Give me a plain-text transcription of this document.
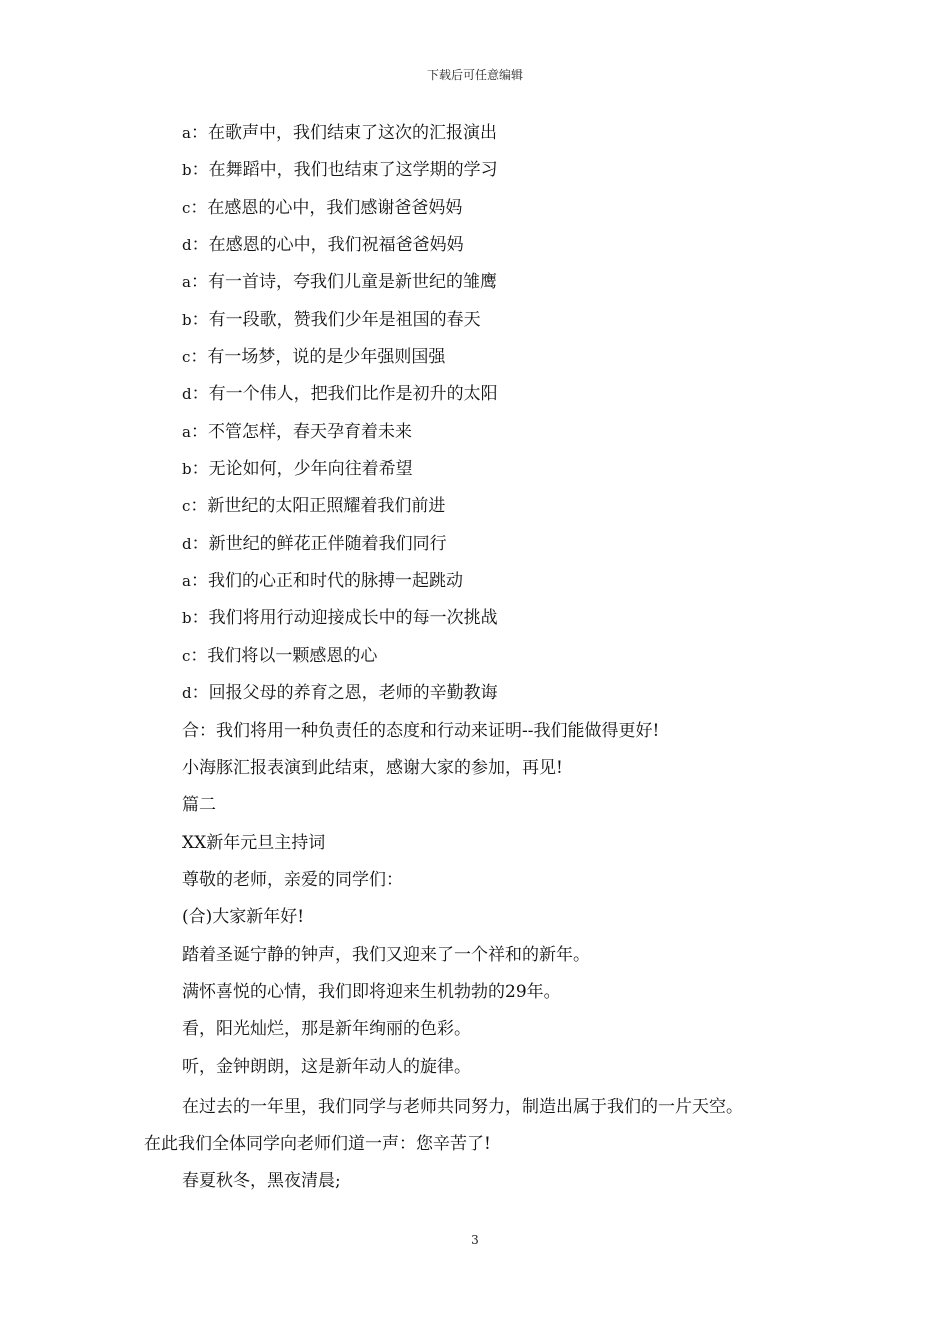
下载后可任意编辑
a：在歌声中，我们结束了这次的汇报演出
b：在舞蹈中，我们也结束了这学期的学习
c：在感恩的心中，我们感谢爸爸妈妈
d：在感恩的心中，我们祝福爸爸妈妈
a：有一首诗，夸我们儿童是新世纪的雏鹰
b：有一段歌，赞我们少年是祖国的春天
c：有一场梦，说的是少年强则国强
d：有一个伟人，把我们比作是初升的太阳
a：不管怎样，春天孕育着未来
b：无论如何，少年向往着希望
c：新世纪的太阳正照耀着我们前进
d：新世纪的鲜花正伴随着我们同行
a：我们的心正和时代的脉搏一起跳动
b：我们将用行动迎接成长中的每一次挑战
c：我们将以一颗感恩的心
d：回报父母的养育之恩，老师的辛勤教诲
合：我们将用一种负责任的态度和行动来证明--我们能做得更好!
小海豚汇报表演到此结束，感谢大家的参加，再见!
篇二
XX新年元旦主持词
尊敬的老师，亲爱的同学们：
(合)大家新年好!
踏着圣诞宁静的钟声，我们又迎来了一个祥和的新年。
满怀喜悦的心情，我们即将迎来生机勃勃的29年。
看，阳光灿烂，那是新年绚丽的色彩。
听，金钟朗朗，这是新年动人的旋律。
在过去的一年里，我们同学与老师共同努力，制造出属于我们的一片天空。
在此我们全体同学向老师们道一声：您辛苦了!
春夏秋冬，黑夜清晨;
3
